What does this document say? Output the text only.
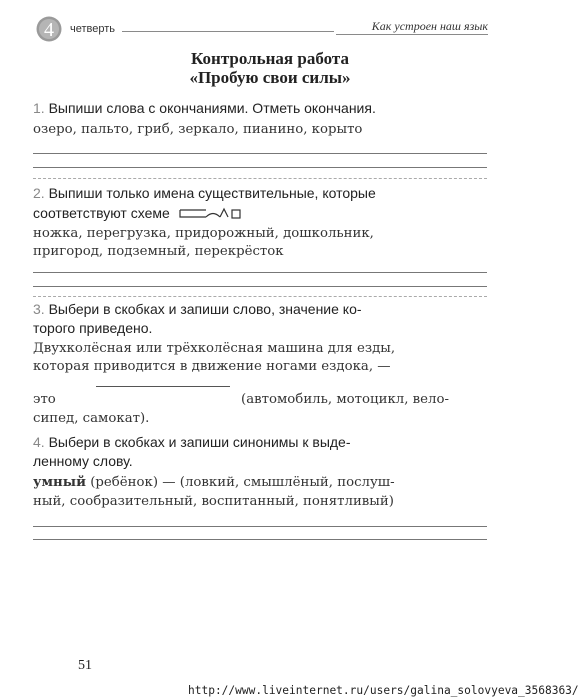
4 четверть	Как устроен наш язык
Контрольная работа
«Пробую свои силы»
1. Выпиши слова с окончаниями. Отметь окончания.
озеро, пальто, гриб, зеркало, пианино, корыто
2. Выпиши только имена существительные, которые
соответствуют схеме
ножка, перегрузка, придорожный, дошкольник,
пригород, подземный, перекрёсток
3. Выбери в скобках и запиши слово, значение ко-
торого приведено.
Двухколёсная или трёхколёсная машина для езды,
которая приводится в движение ногами ездока, —
это	(автомобиль, мотоцикл, вело-
сипед, самокат).
4. Выбери в скобках и запиши синонимы к выде-
ленному слову.
умный (ребёнок) — (ловкий, смышлёный, послуш-
ный, сообразительный, воспитанный, понятливый)
51
http://www.liveinternet.ru/users/galina_solovyeva_3568363/
